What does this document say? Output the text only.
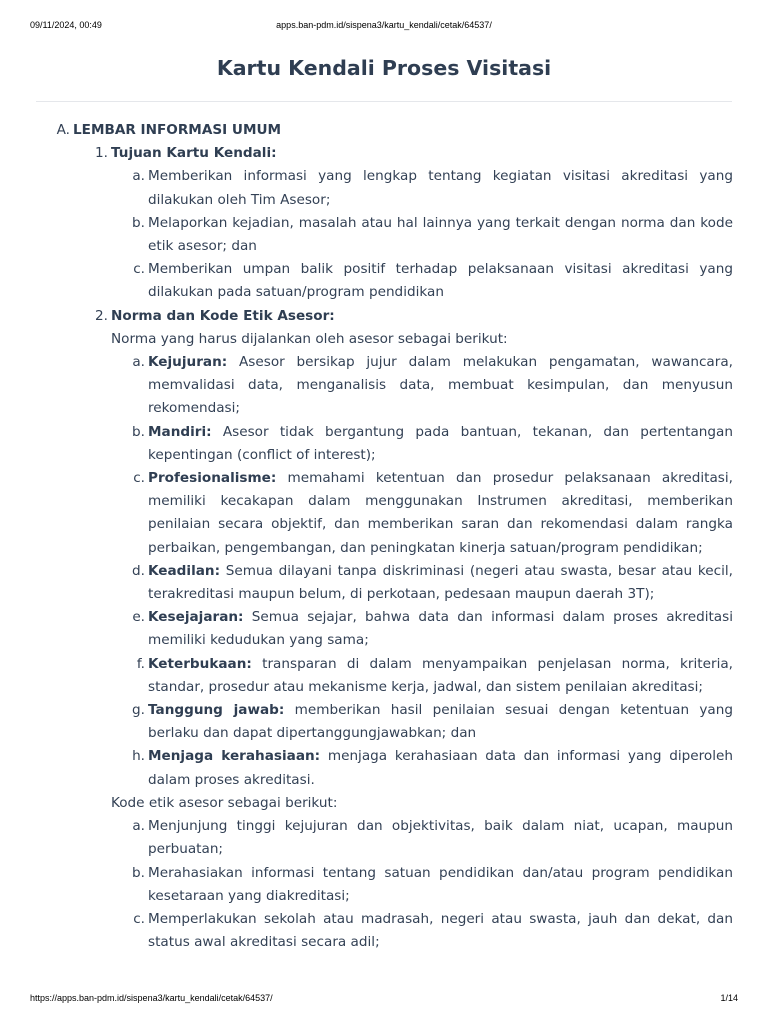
09/11/2024, 00:49	apps.ban-pdm.id/sispena3/kartu_kendali/cetak/64537/
Kartu Kendali Proses Visitasi

A. LEMBAR INFORMASI UMUM

1. Tujuan Kartu Kendali:

a. Memberikan informasi yang lengkap tentang kegiatan visitasi akreditasi yang dilakukan oleh Tim Asesor;

b. Melaporkan kejadian, masalah atau hal lainnya yang terkait dengan norma dan kode etik asesor; dan

c. Memberikan umpan balik positif terhadap pelaksanaan visitasi akreditasi yang dilakukan pada satuan/program pendidikan

2. Norma dan Kode Etik Asesor:

Norma yang harus dijalankan oleh asesor sebagai berikut:

a. Kejujuran: Asesor bersikap jujur dalam melakukan pengamatan, wawancara, memvalidasi data, menganalisis data, membuat kesimpulan, dan menyusun rekomendasi;

b. Mandiri: Asesor tidak bergantung pada bantuan, tekanan, dan pertentangan kepentingan (conflict of interest);

c. Profesionalisme: memahami ketentuan dan prosedur pelaksanaan akreditasi, memiliki kecakapan dalam menggunakan Instrumen akreditasi, memberikan penilaian secara objektif, dan memberikan saran dan rekomendasi dalam rangka perbaikan, pengembangan, dan peningkatan kinerja satuan/program pendidikan;

d. Keadilan: Semua dilayani tanpa diskriminasi (negeri atau swasta, besar atau kecil, terakreditasi maupun belum, di perkotaan, pedesaan maupun daerah 3T);

e. Kesejajaran: Semua sejajar, bahwa data dan informasi dalam proses akreditasi memiliki kedudukan yang sama;

f. Keterbukaan: transparan di dalam menyampaikan penjelasan norma, kriteria, standar, prosedur atau mekanisme kerja, jadwal, dan sistem penilaian akreditasi;

g. Tanggung jawab: memberikan hasil penilaian sesuai dengan ketentuan yang berlaku dan dapat dipertanggungjawabkan; dan

h. Menjaga kerahasiaan: menjaga kerahasiaan data dan informasi yang diperoleh dalam proses akreditasi.

Kode etik asesor sebagai berikut:

a. Menjunjung tinggi kejujuran dan objektivitas, baik dalam niat, ucapan, maupun perbuatan;

b. Merahasiakan informasi tentang satuan pendidikan dan/atau program pendidikan kesetaraan yang diakreditasi;

c. Memperlakukan sekolah atau madrasah, negeri atau swasta, jauh dan dekat, dan status awal akreditasi secara adil;

https://apps.ban-pdm.id/sispena3/kartu_kendali/cetak/64537/	1/14
